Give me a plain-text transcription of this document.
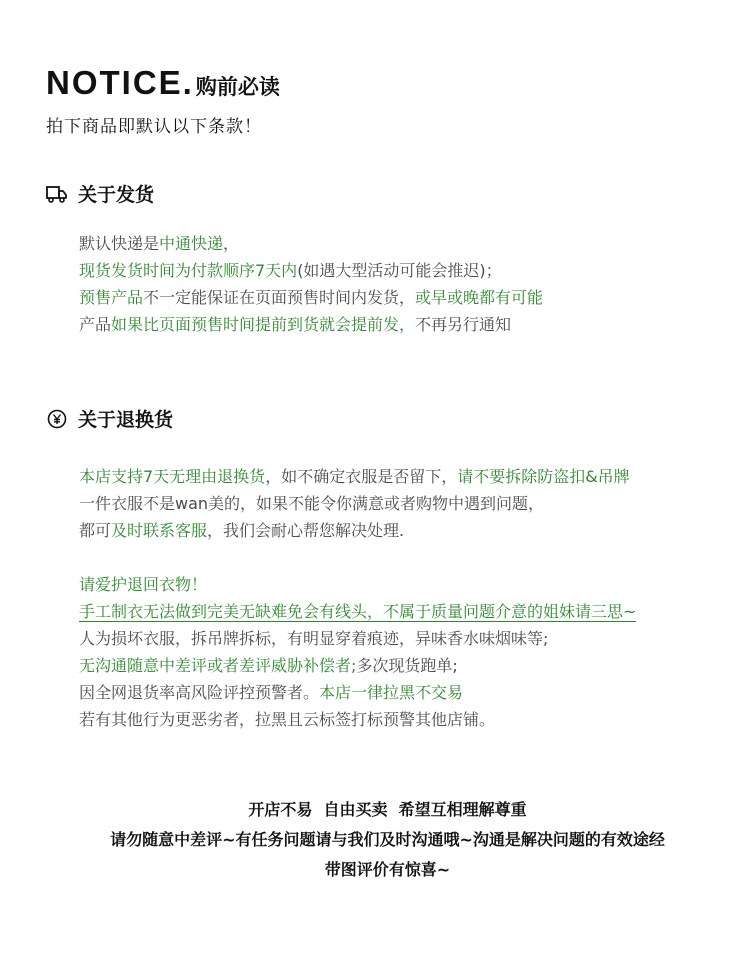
NOTICE. 购前必读
拍下商品即默认以下条款！
关于发货
默认快递是中通快递，
现货发货时间为付款顺序7天内(如遇大型活动可能会推迟)；
预售产品不一定能保证在页面预售时间内发货，或早或晚都有可能
产品如果比页面预售时间提前到货就会提前发，不再另行通知
关于退换货
本店支持7天无理由退换货，如不确定衣服是否留下，请不要拆除防盗扣&吊牌
一件衣服不是wan美的，如果不能令你满意或者购物中遇到问题，
都可及时联系客服，我们会耐心帮您解决处理.
请爱护退回衣物！
手工制衣无法做到完美无缺难免会有线头，不属于质量问题介意的姐妹请三思~
人为损坏衣服，拆吊牌拆标，有明显穿着痕迹，异味香水味烟味等;
无沟通随意中差评或者差评威胁补偿者;多次现货跑单;
因全网退货率高风险评控预警者。本店一律拉黑不交易
若有其他行为更恶劣者，拉黑且云标签打标预警其他店铺。
开店不易  自由买卖  希望互相理解尊重
请勿随意中差评~有任务问题请与我们及时沟通哦~沟通是解决问题的有效途经
带图评价有惊喜~
